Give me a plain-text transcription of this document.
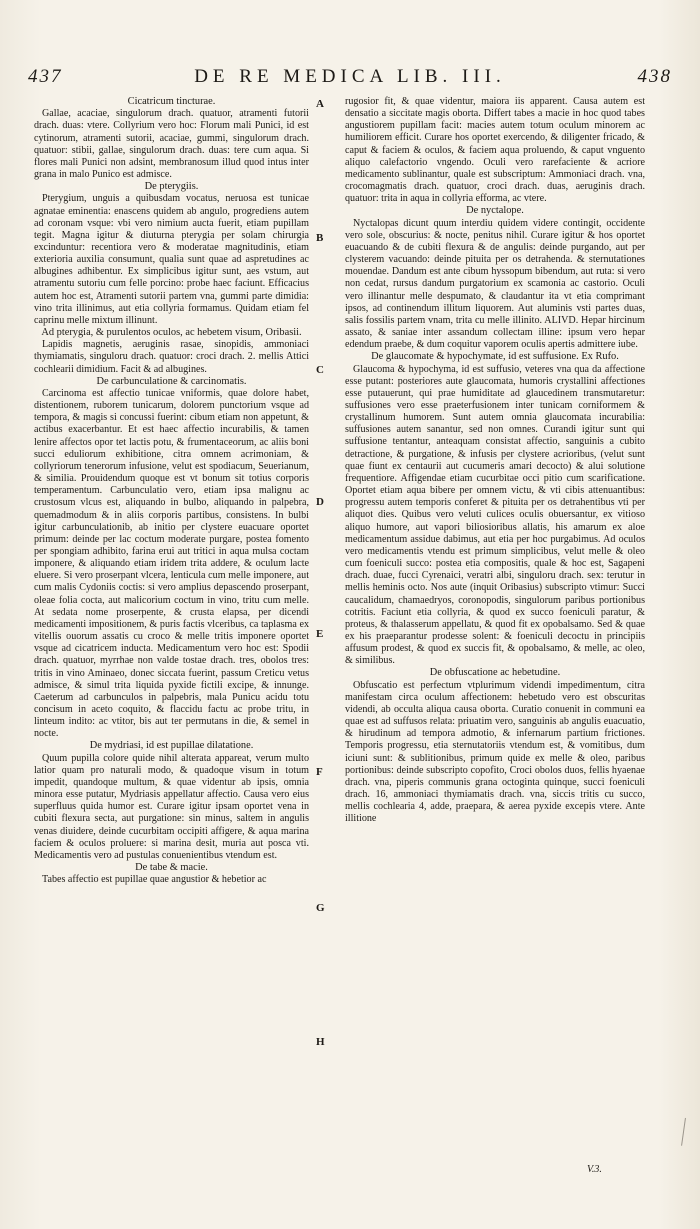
437	DE RE MEDICA LIB. III.	438
Cicatricum tincturae.

Gallae, acaciae, singulorum drach. quatuor, atramenti futorii drach. duas: vtere. Collyrium vero hoc: Florum mali Punici, id est cytinorum, atramenti sutorii, acaciae, gummi, singulorum drach. quatuor: stibii, gallae, singulorum drach. duas: tere cum aqua. Si flores mali Punici non adsint, membranosum illud quod intus inter grana in malo Punico est admisce.

De pterygiis.

Pterygium, unguis a quibusdam vocatus, neruosa est tunicae agnatae eminentia: enascens quidem ab angulo, progrediens autem ad coronam vsque: vbi vero nimium aucta fuerit, etiam pupillam tegit. Magna igitur & diuturna pterygia per solam chirurgia excinduntur: recentiora vero & moderatae magnitudinis, etiam exterioria auxilia consumunt, qualia sunt quae ad aspretudines ac albugines adhibentur. Ex simplicibus igitur sunt, aes vstum, aut atramentu sutoriu cum felle porcino: probe haec faciunt. Efficacius autem hoc est, Atramenti sutorii partem vna, gummi parte dimidia: vino trita illinimus, aut etia collyria formamus. Quidam etiam fel caprinu melle mixtum illinunt.

Ad pterygia, & purulentos oculos, ac hebetem visum, Oribasii.

Lapidis magnetis, aeruginis rasae, sinopidis, ammoniaci thymiamatis, singuloru drach. quatuor: croci drach. 2. mellis Attici cochlearii dimidium. Facit & ad albugines.

De carbunculatione & carcinomatis.

Carcinoma est affectio tunicae vniformis, quae dolore habet, distentionem, ruborem tunicarum, dolorem punctorium vsque ad tempora, & magis si concussi fuerint: cibum etiam non appetunt, & actibus exacerbantur. Et est haec affectio incurabilis, & tamen lenire affectos opor tet lactis potu, & frumentaceorum, ac aliis boni succi eduliorum exhibitione, citra omnem acrimoniam, & collyriorum tenerorum infusione, velut est spodiacum, Seuerianum, & similia. Prouidendum quoque est vt bonum sit totius corporis temperamentum. Carbunculatio vero, etiam ipsa malignu ac crustosum vlcus est, aliquando in bulbo, aliquando in palpebra, quemadmodum & in aliis corporis partibus, consistens. In bulbi igitur carbunculationib, ab initio per clystere euacuare oportet primum: deinde per lac coctum moderate purgare, postea fomento per spongiam adhibito, farina erui aut tritici in aqua mulsa coctam imponere, & aliquando etiam iridem trita addere, & oculum lacte eluere. Si vero proserpant vlcera, lenticula cum melle imponere, aut cum malis Cydoniis coctis: si vero amplius depascendo proserpant, oleae folia cocta, aut malicorium coctum in vino, tritu cum melle. At sedata nome proserpente, & crusta elapsa, per dicendi medicamenti impositionem, & puris factis vlceribus, ca taplasma ex vitellis ouorum assatis cu croco & melle tritis imponere oportet vsque ad cicatricem inducta. Medicamentum vero hoc est: Spodii drach. quatuor, myrrhae non valde tostae drach. tres, obolos tres: tritis in vino Aminaeo, donec siccata fuerint, passum Creticu vetus admisce, & simul trita liquida pyxide fictili excipe, & innunge. Caeterum ad carbunculos in palpebris, mala Punicu acidu totu concisum in aceto coquito, & flaccidu factu ac probe tritu, in linteum indito: ac vtitor, bis aut ter permutans in die, & semel in nocte.

De mydriasi, id est pupillae dilatatione.

Quum pupilla colore quide nihil alterata appareat, verum multo latior quam pro naturali modo, & quadoque visum in totum impedit, quandoque multum, & quae videntur ab ipsis, omnia minora esse putatur, Mydriasis appellatur affectio. Causa vero eius superfluus quida humor est. Curare igitur ipsam oportet vena in cubiti flexura secta, aut purgatione: sin minus, saltem in angulis venas diuidere, deinde cucurbitam occipiti affigere, & aqua marina faciem & oculos proluere: si marina desit, muria aut posca vti. Medicamentis vero ad pustulas conuenientibus vtendum est.

De tabe & macie.

Tabes affectio est pupillae quae angustior & hebetior ac

rugosior fit, & quae videntur, maiora iis apparent. Causa autem est densatio a siccitate magis oborta. Differt tabes a macie in hoc quod tabes angustiorem pupillam facit: macies autem totum oculum minorem ac humiliorem efficit. Curare hos oportet exercendo, & diligenter fricado, & caput & faciem & oculos, & faciem aqua proluendo, & caput vnguento aliquo calefactorio vngendo. Oculi vero rarefaciente & acriore medicamento sublinantur, quale est subscriptum: Ammoniaci drach. vna, crocomagmatis drach. quatuor, croci drach. duas, aeruginis drach. quatuor: trita in aqua in collyria efforma, ac vtere.

De nyctalope.

Nyctalopas dicunt quum interdiu quidem videre contingit, occidente vero sole, obscurius: & nocte, penitus nihil. Curare igitur & hos oportet euacuando & de cubiti flexura & de angulis: deinde purgando, aut per clysterem vacuando: deinde pituita per os detrahenda. & sternutationes mouendae. Dandum est ante cibum hyssopum bibendum, aut ruta: si vero non cedat, rursus dandum purgatorium ex scamonia ac castorio. Oculi vero illinantur melle despumato, & claudantur ita vt etia comprimant ipsos, ad continendum illitum liquorem. Aut aluminis vsti partes duas, salis fossilis partem vnam, trita cu melle illinito. ALIVD. Hepar hircinum assato, & saniae inter assandum collectam illine: ipsum vero hepar edendum praebe, & dum coquitur vaporem oculis apertis admittere iube.

De glaucomate & hypochymate, id est suffusione. Ex Rufo.

Glaucoma & hypochyma, id est suffusio, veteres vna qua da affectione esse putant: posteriores aute glaucomata, humoris crystallini affectiones esse putauerunt, qui prae humiditate ad glaucedinem transmutaretur: suffusiones vero esse praeterfusionem inter tunicam corniformem & crystallinum humorem. Sunt autem omnia glaucomata incurabilia: suffusiones autem sanantur, sed non omnes. Curandi igitur sunt qui suffusione tentantur, anteaquam consistat affectio, sanguinis a cubito detractione, & purgatione, & infusis per clystere acrioribus, (velut sunt quae fiunt ex centaurii aut cucumeris amari decocto) & alui solutione frequentiore. Affigendae etiam cucurbitae occi pitio cum scarificatione. Oportet etiam aqua bibere per omnem victu, & vti cibis attenuantibus: progressu autem temporis conferet & pituita per os detrahentibus vti per aliquot dies. Quibus vero veluti culices oculis obuersantur, ex vitioso aliquo humore, aut vapori biliosioribus allatis, his amarum ex aloe medicamentum assidue dabimus, aut etia per hoc purgabimus. Ad oculos vero medicamentis vtendu est primum simplicibus, velut melle & oleo cum foeniculi succo: postea etia compositis, quale & hoc est, Sagapeni drach. duae, fucci Cyrenaici, veratri albi, singuloru drach. sex: terutur in mellis heminis octo. Nos aute (inquit Oribasius) subscripto vtimur: Succi caucalidum, chamaedryos, coronopodis, singulorum paribus portionibus cotritis. Faciunt etia collyria, & quod ex succo foeniculi paratur, & proteus, & thalasserum appellatu, & quod fit ex opobalsamo. Sed & quae ex his praeparantur prodesse solent: & foeniculi decoctu in principiis affusum prodest, & quod ex succis fit, & opobalsamo, & melle, ac oleo, & similibus.

De obfuscatione ac hebetudine.

Obfuscatio est perfectum vtplurimum videndi impedimentum, citra manifestam circa oculum affectionem: hebetudo vero est obscuritas videndi, ab occulta aliqua causa oborta. Curatio conuenit in communi ea quae est ad suffusos relata: priuatim vero, sanguinis ab angulis euacuatio, & hirudinum ad tempora admotio, & infernarum partium frictiones. Temporis progressu, etia sternutatoriis vtendum est, & vomitibus, dum iciuni sunt: & sublitionibus, primum quide ex melle & oleo, paribus portionibus: deinde subscripto copofito, Croci obolos duos, fellis hyaenae drach. vna, piperis communis grana octoginta quinque, succi foeniculi drach. 16, ammoniaci thymiamatis drach. vna, siccis tritis cu succo, mellis cochlearia 4, adde, praepara, & aerea pyxide excepis vtere. Ante illitione

A
B
C
D
E
F
G
H
V.3.
